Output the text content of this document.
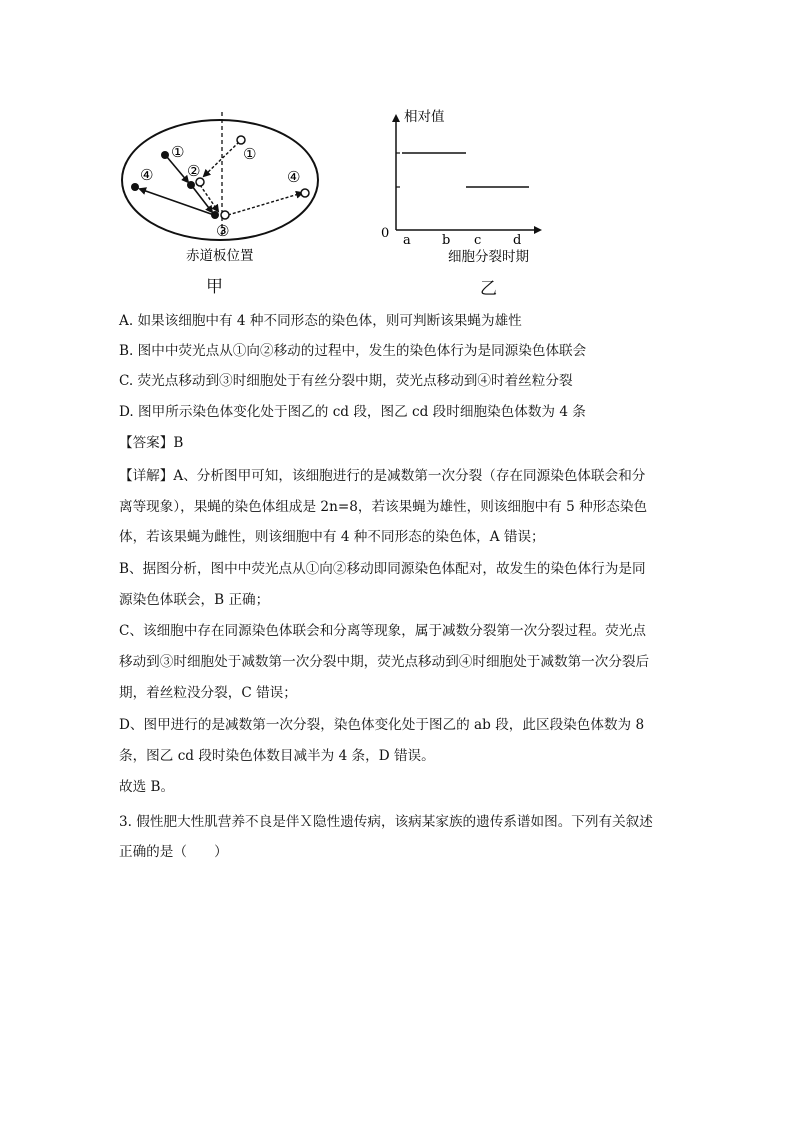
①
②
①
④	④
③
赤道板位置
相对值
0 a b c d
细胞分裂时期
甲	乙
A. 如果该细胞中有 4 种不同形态的染色体，则可判断该果蝇为雄性
B. 图中中荧光点从①向②移动的过程中，发生的染色体行为是同源染色体联会
C. 荧光点移动到③时细胞处于有丝分裂中期，荧光点移动到④时着丝粒分裂
D. 图甲所示染色体变化处于图乙的 cd 段，图乙 cd 段时细胞染色体数为 4 条
【答案】B
【详解】A、分析图甲可知，该细胞进行的是减数第一次分裂（存在同源染色体联会和分
离等现象），果蝇的染色体组成是 2n=8，若该果蝇为雄性，则该细胞中有 5 种形态染色
体，若该果蝇为雌性，则该细胞中有 4 种不同形态的染色体，A 错误；
B、据图分析，图中中荧光点从①向②移动即同源染色体配对，故发生的染色体行为是同
源染色体联会，B 正确；
C、该细胞中存在同源染色体联会和分离等现象，属于减数分裂第一次分裂过程。荧光点
移动到③时细胞处于减数第一次分裂中期，荧光点移动到④时细胞处于减数第一次分裂后
期，着丝粒没分裂，C 错误；
D、图甲进行的是减数第一次分裂，染色体变化处于图乙的 ab 段，此区段染色体数为 8
条，图乙 cd 段时染色体数目减半为 4 条，D 错误。
故选 B。
3. 假性肥大性肌营养不良是伴Ｘ隐性遗传病，该病某家族的遗传系谱如图。下列有关叙述
正确的是（　　）
